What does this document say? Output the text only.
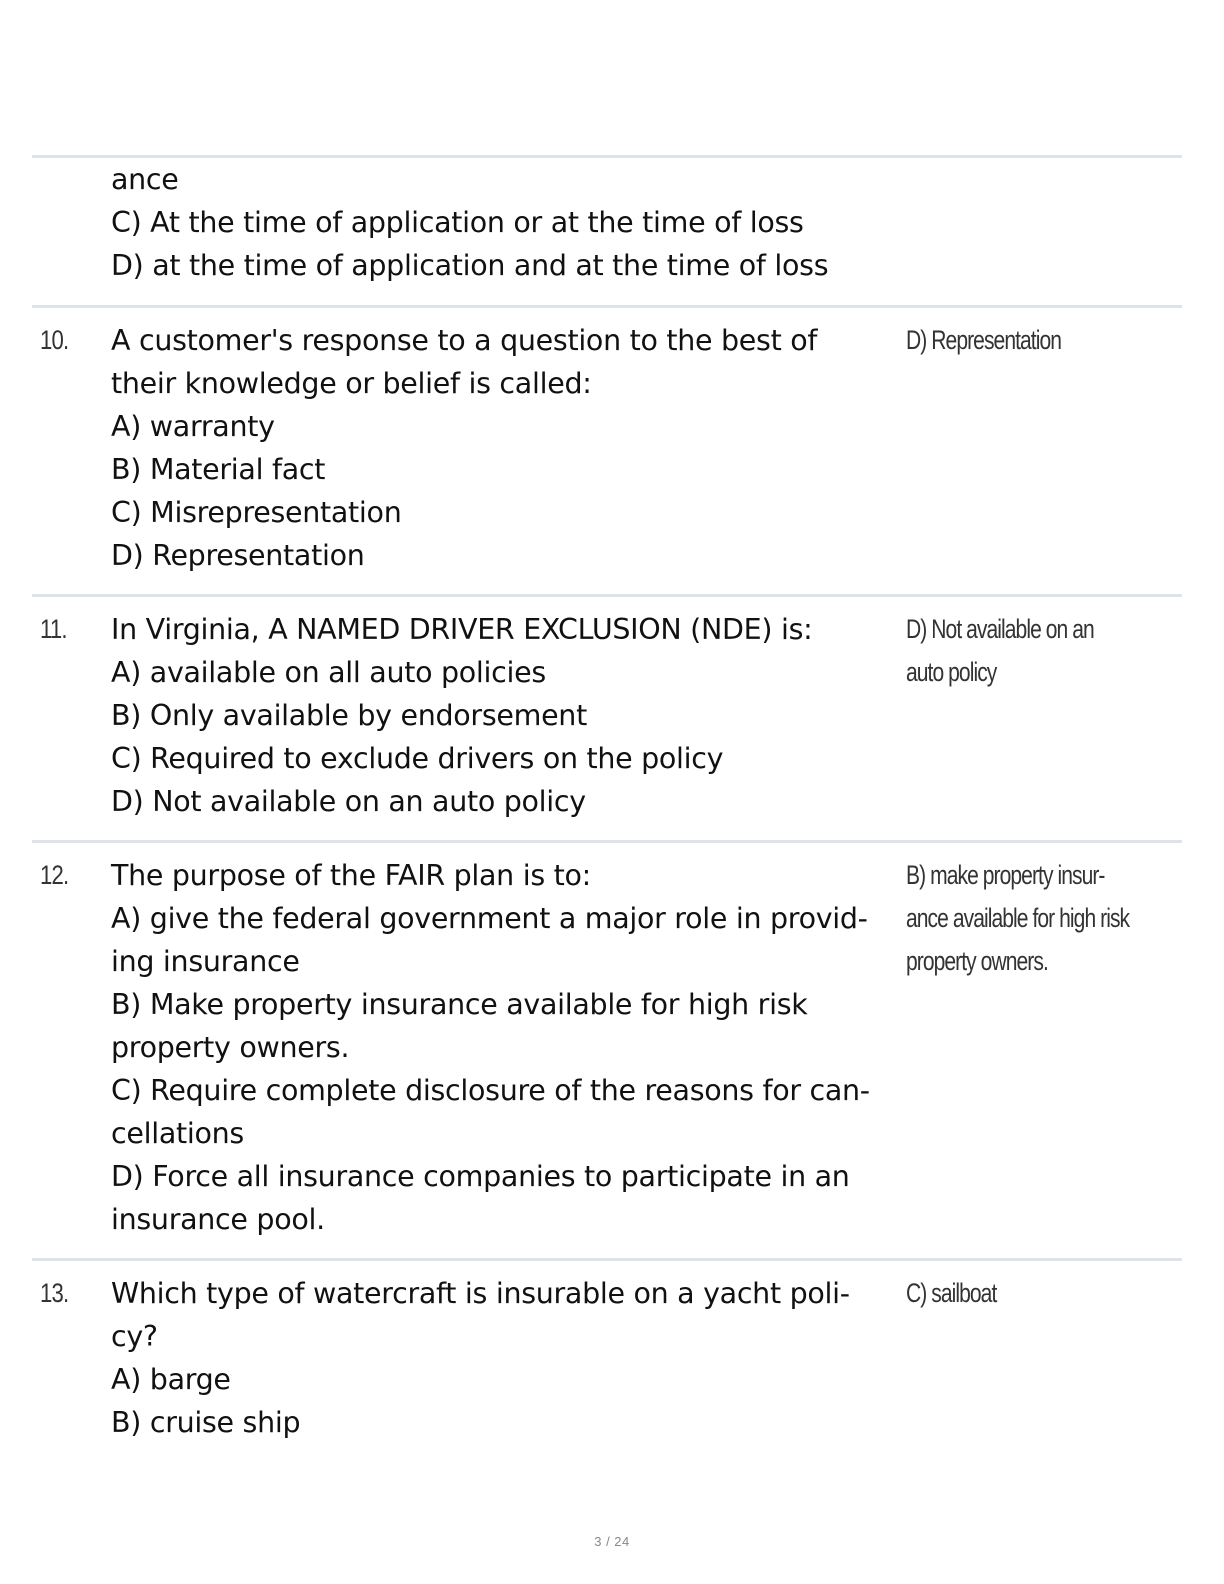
ance
C) At the time of application or at the time of loss
D) at the time of application and at the time of loss
10. A customer's response to a question to the best of
their knowledge or belief is called:
A) warranty
B) Material fact
C) Misrepresentation
D) Representation
D) Representation
11. In Virginia, A NAMED DRIVER EXCLUSION (NDE) is:
A) available on all auto policies
B) Only available by endorsement
C) Required to exclude drivers on the policy
D) Not available on an auto policy
D) Not available on an
auto policy
12. The purpose of the FAIR plan is to:
A) give the federal government a major role in provid-
ing insurance
B) Make property insurance available for high risk
property owners.
C) Require complete disclosure of the reasons for can-
cellations
D) Force all insurance companies to participate in an
insurance pool.
B) make property insur-
ance available for high risk
property owners.
13. Which type of watercraft is insurable on a yacht poli-
cy?
A) barge
B) cruise ship
C) sailboat
3 / 24
